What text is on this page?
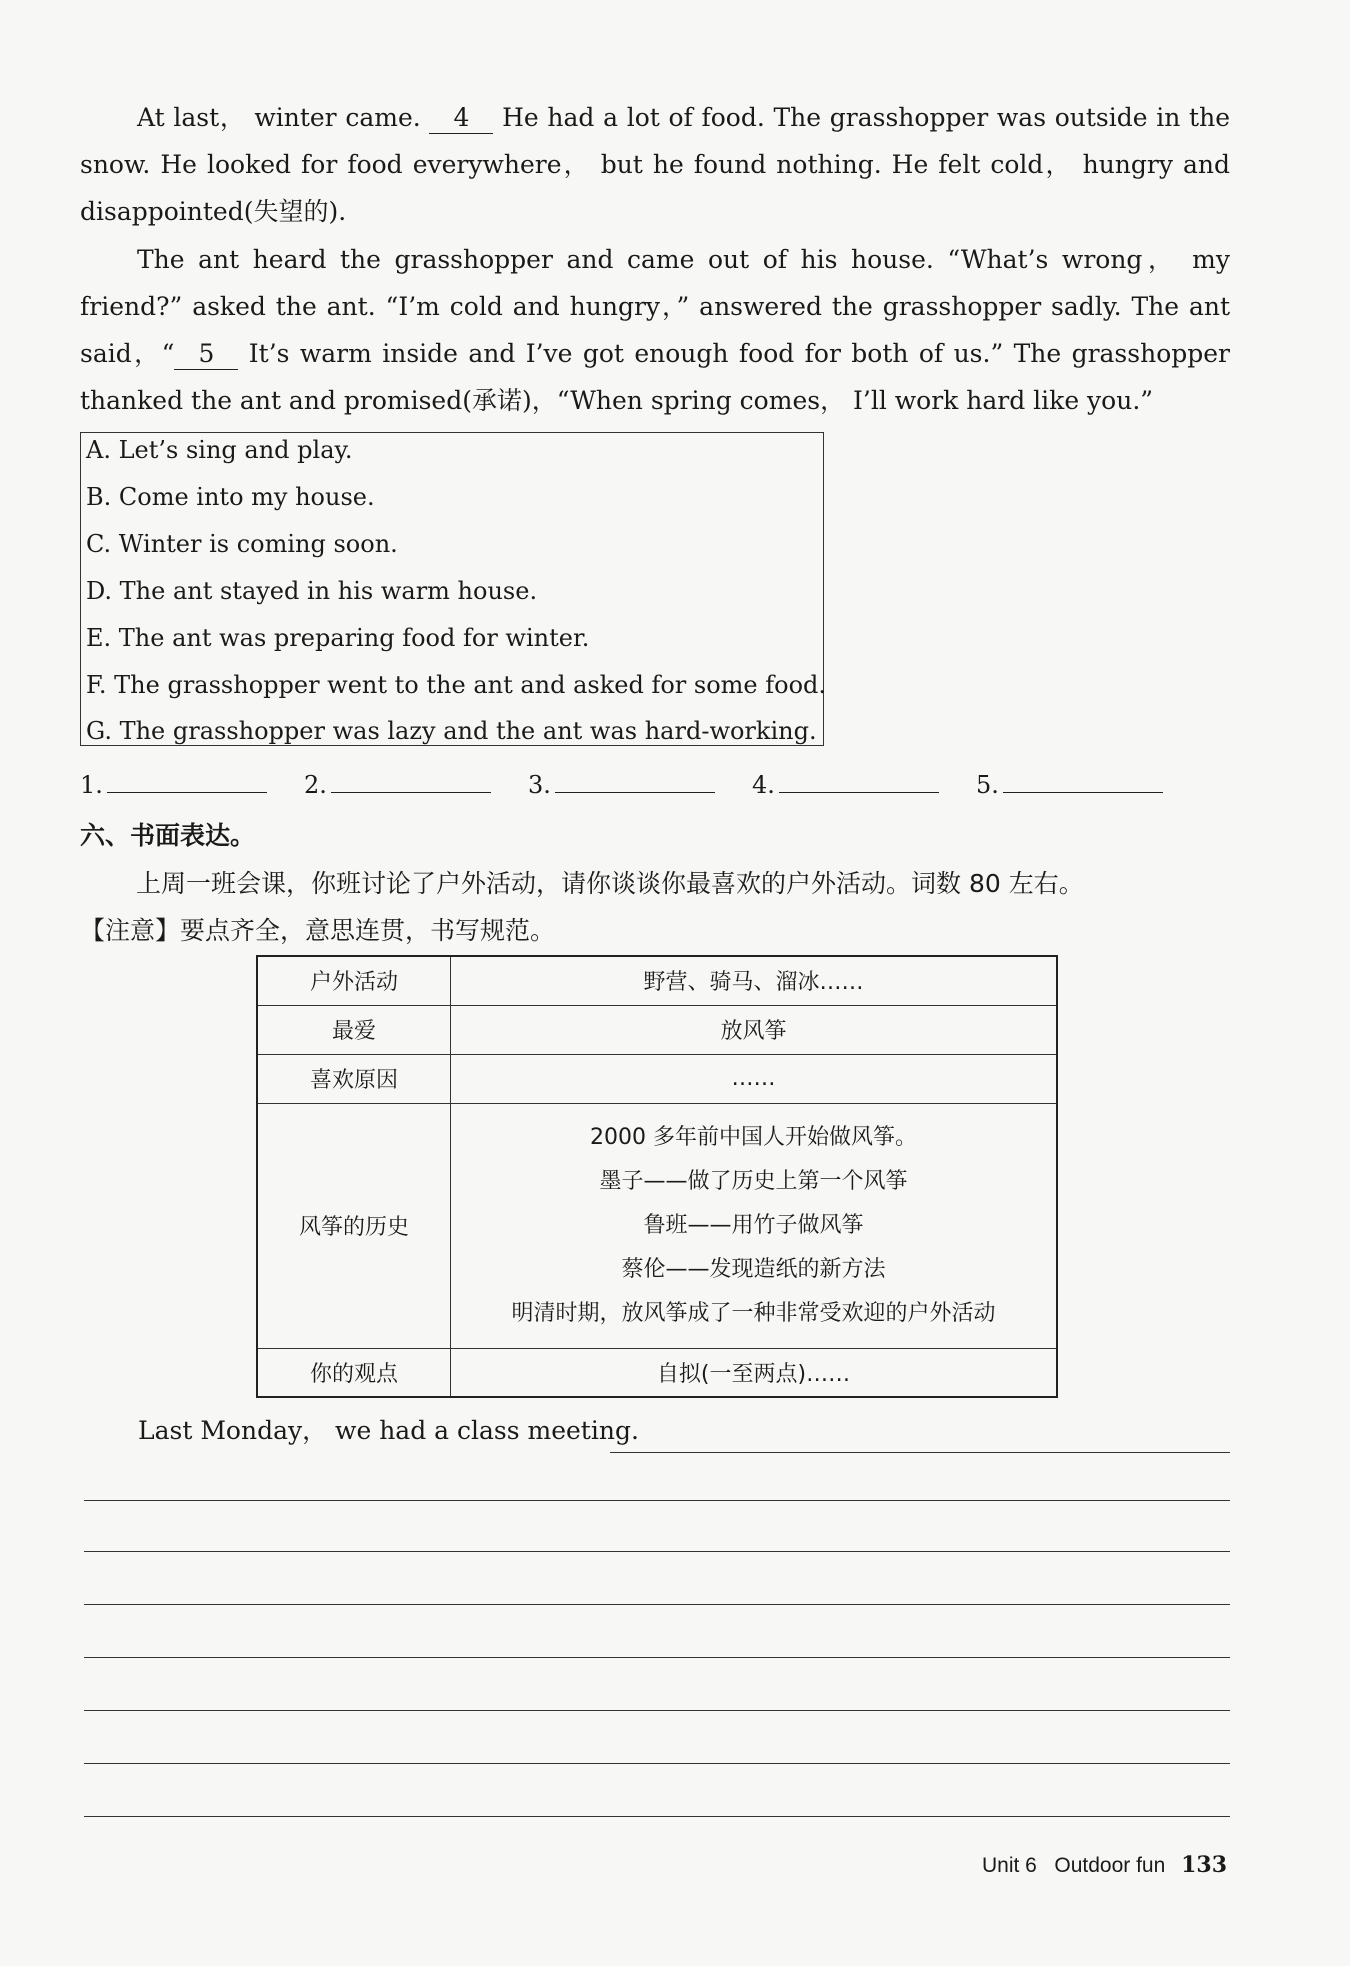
At last， winter came. 4 He had a lot of food. The grasshopper was outside in the snow. He looked for food everywhere， but he found nothing. He felt cold， hungry and disappointed(失望的).
The ant heard the grasshopper and came out of his house. “What’s wrong， my friend?” asked the ant. “I’m cold and hungry，” answered the grasshopper sadly. The ant said，“ 5 It’s warm inside and I’ve got enough food for both of us.” The grasshopper thanked the ant and promised(承诺)，“When spring comes， I’ll work hard like you.”
A. Let’s sing and play.
B. Come into my house.
C. Winter is coming soon.
D. The ant stayed in his warm house.
E. The ant was preparing food for winter.
F. The grasshopper went to the ant and asked for some food.
G. The grasshopper was lazy and the ant was hard-working.
1.	2.	3.	4.	5.
六、书面表达。
上周一班会课，你班讨论了户外活动，请你谈谈你最喜欢的户外活动。词数 80 左右。
【注意】要点齐全，意思连贯，书写规范。
户外活动	野营、骑马、溜冰……
最爱	放风筝
喜欢原因	……
风筝的历史	2000 多年前中国人开始做风筝。
墨子——做了历史上第一个风筝
鲁班——用竹子做风筝
蔡伦——发现造纸的新方法
明清时期，放风筝成了一种非常受欢迎的户外活动

你的观点	自拟(一至两点)……
Last Monday， we had a class meeting.
Unit 6 Outdoor fun 133
